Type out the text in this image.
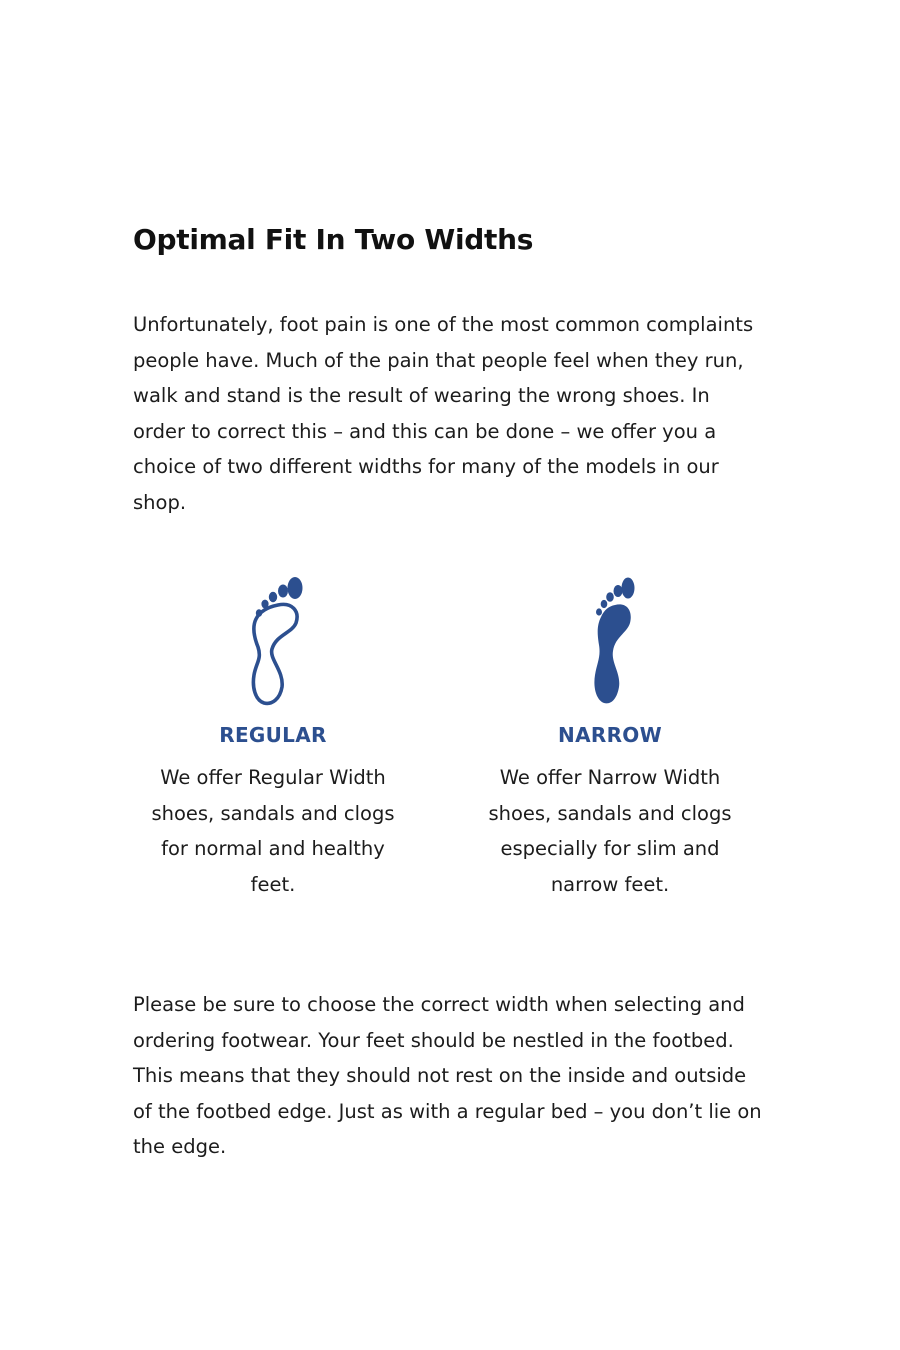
Optimal Fit In Two Widths

Unfortunately, foot pain is one of the most common complaints people have. Much of the pain that people feel when they run, walk and stand is the result of wearing the wrong shoes. In order to correct this – and this can be done – we offer you a choice of two different widths for many of the models in our shop.

REGULAR
We offer Regular Width shoes, sandals and clogs for normal and healthy feet.
NARROW
We offer Narrow Width shoes, sandals and clogs especially for slim and narrow feet.

Please be sure to choose the correct width when selecting and ordering footwear. Your feet should be nestled in the footbed. This means that they should not rest on the inside and outside of the footbed edge. Just as with a regular bed – you don’t lie on the edge.
